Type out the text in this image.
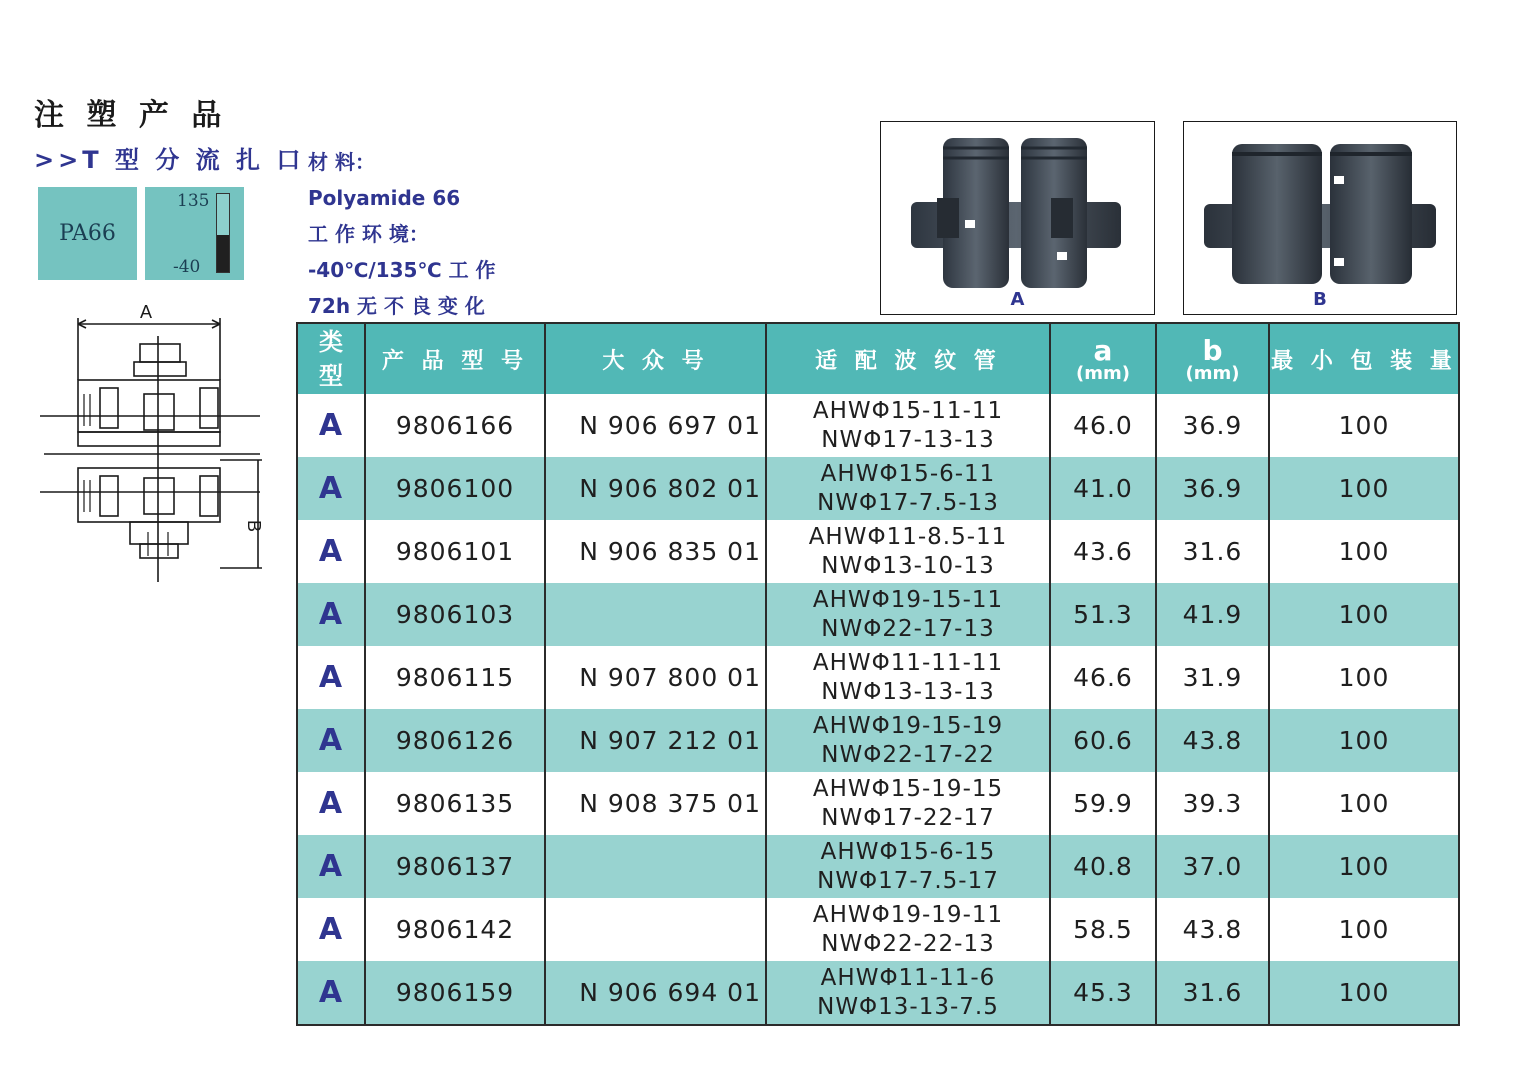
注 塑 产 品
>>T 型 分 流 扎 口
PA66
135
-40
材 料：
Polyamide 66
工 作 环 境：
-40℃/135℃ 工 作
72h 无 不 良 变 化
A
B
A	B
类型	产 品 型 号	大 众 号	适 配 波 纹 管	a
(mm)	b
(mm)	最 小 包 装 量
A	9806166	N 906 697 01	AHWΦ15-11-11
NWΦ17-13-13	46.0	36.9	100
A	9806100	N 906 802 01	AHWΦ15-6-11
NWΦ17-7.5-13	41.0	36.9	100
A	9806101	N 906 835 01	AHWΦ11-8.5-11
NWΦ13-10-13	43.6	31.6	100
A	9806103		AHWΦ19-15-11
NWΦ22-17-13	51.3	41.9	100
A	9806115	N 907 800 01	AHWΦ11-11-11
NWΦ13-13-13	46.6	31.9	100
A	9806126	N 907 212 01	AHWΦ19-15-19
NWΦ22-17-22	60.6	43.8	100
A	9806135	N 908 375 01	AHWΦ15-19-15
NWΦ17-22-17	59.9	39.3	100
A	9806137		AHWΦ15-6-15
NWΦ17-7.5-17	40.8	37.0	100
A	9806142		AHWΦ19-19-11
NWΦ22-22-13	58.5	43.8	100
A	9806159	N 906 694 01	AHWΦ11-11-6
NWΦ13-13-7.5	45.3	31.6	100
